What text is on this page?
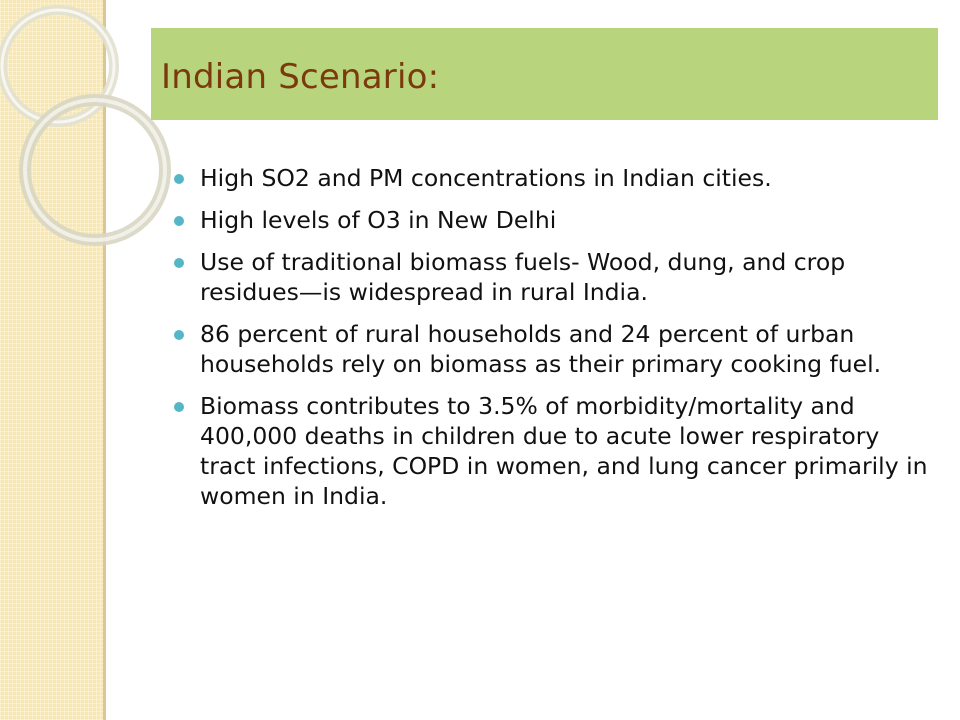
Indian Scenario:
High SO2 and PM concentrations in Indian cities.
High levels of O3 in New Delhi
Use of traditional biomass fuels- Wood, dung, and crop residues—is widespread in rural India.
86 percent of rural households and 24 percent of urban households rely on biomass as their primary cooking fuel.
Biomass contributes to 3.5% of morbidity/mortality and 400,000 deaths in children due to acute lower respiratory tract infections, COPD in women, and lung cancer primarily in women in India.
